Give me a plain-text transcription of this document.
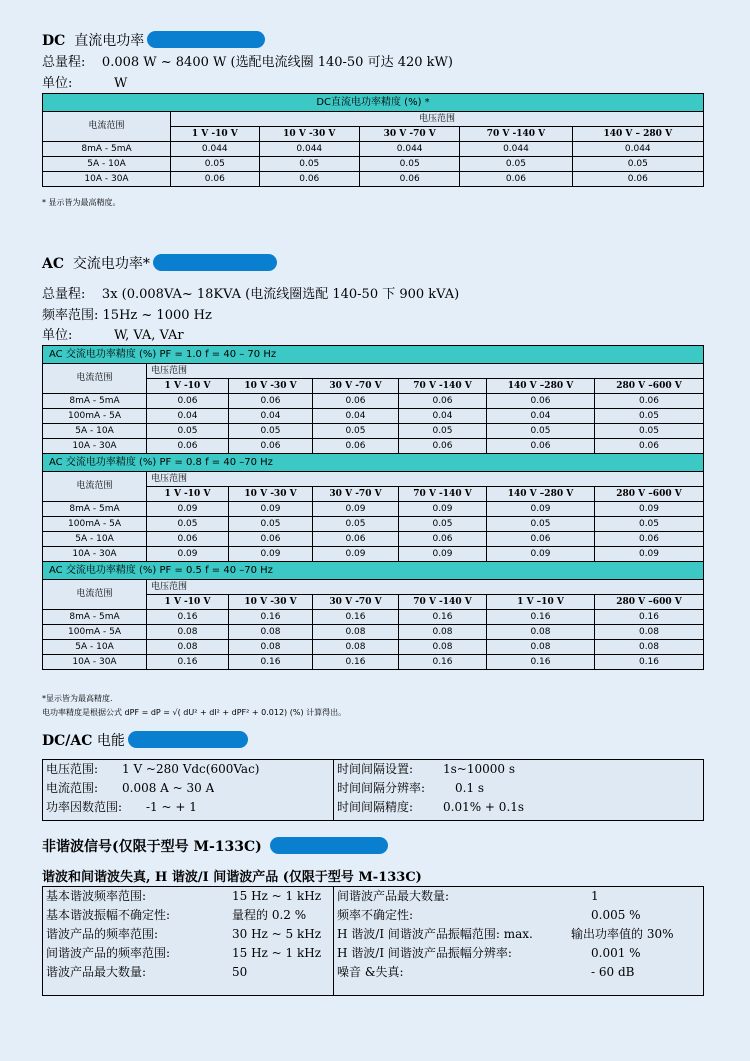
DC 直流电功率
总量程: 0.008 W ~ 8400 W (选配电流线圈 140-50 可达 420 kW)
单位:	W
DC直流电功率精度 (%) *					
电流范围	电压范围				
	1 V -10 V	10 V -30 V	30 V -70 V	70 V -140 V	140 V – 280 V
8mA - 5mA	0.044	0.044	0.044	0.044	0.044
5A - 10A	0.05	0.05	0.05	0.05	0.05
10A - 30A	0.06	0.06	0.06	0.06	0.06
* 显示皆为最高精度。
AC 交流电功率*
总量程: 3x (0.008VA~ 18KVA (电流线圈选配 140-50 下 900 kVA)
频率范围: 15Hz ~ 1000 Hz
单位:	W, VA, VAr
AC 交流电功率精度 (%) PF = 1.0 f = 40 – 70 Hz						
电流范围	电压范围					
	1 V -10 V	10 V -30 V	30 V -70 V	70 V -140 V	140 V –280 V	280 V –600 V
8mA - 5mA	0.06	0.06	0.06	0.06	0.06	0.06
100mA - 5A	0.04	0.04	0.04	0.04	0.04	0.05
5A - 10A	0.05	0.05	0.05	0.05	0.05	0.05
10A - 30A	0.06	0.06	0.06	0.06	0.06	0.06
AC 交流电功率精度 (%) PF = 0.8 f = 40 –70 Hz						
电流范围	电压范围					
	1 V -10 V	10 V -30 V	30 V -70 V	70 V -140 V	140 V –280 V	280 V –600 V
8mA - 5mA	0.09	0.09	0.09	0.09	0.09	0.09
100mA - 5A	0.05	0.05	0.05	0.05	0.05	0.05
5A - 10A	0.06	0.06	0.06	0.06	0.06	0.06
10A - 30A	0.09	0.09	0.09	0.09	0.09	0.09
AC 交流电功率精度 (%) PF = 0.5 f = 40 –70 Hz						
电流范围	电压范围					
	1 V -10 V	10 V -30 V	30 V -70 V	70 V -140 V	1 V –10 V	280 V –600 V
8mA - 5mA	0.16	0.16	0.16	0.16	0.16	0.16
100mA - 5A	0.08	0.08	0.08	0.08	0.08	0.08
5A - 10A	0.08	0.08	0.08	0.08	0.08	0.08
10A - 30A	0.16	0.16	0.16	0.16	0.16	0.16
*显示皆为最高精度.
电功率精度是根据公式 dPF = dP = √( dU² + dI² + dPF² + 0.012) (%) 计算得出。
DC/AC 电能
电压范围:	1 V ~280 Vdc(600Vac)
电流范围:	0.008 A ~ 30 A
功率因数范围:	-1 ~ + 1
时间间隔设置:	1s~10000 s
时间间隔分辨率:	0.1 s
时间间隔精度:	0.01% + 0.1s
非谐波信号(仅限于型号 M-133C)
谐波和间谐波失真, H 谐波/I 间谐波产品 (仅限于型号 M-133C)
基本谐波频率范围:	15 Hz ~ 1 kHz
基本谐波振幅不确定性:	量程的 0.2 %
谐波产品的频率范围:	30 Hz ~ 5 kHz
间谐波产品的频率范围:	15 Hz ~ 1 kHz
谐波产品最大数量:	50
间谐波产品最大数量:	1
频率不确定性:	0.005 %
H 谐波/I 间谐波产品振幅范围: max.	输出功率值的 30%
H 谐波/I 间谐波产品振幅分辨率:	0.001 %
噪音 &失真:	- 60 dB
